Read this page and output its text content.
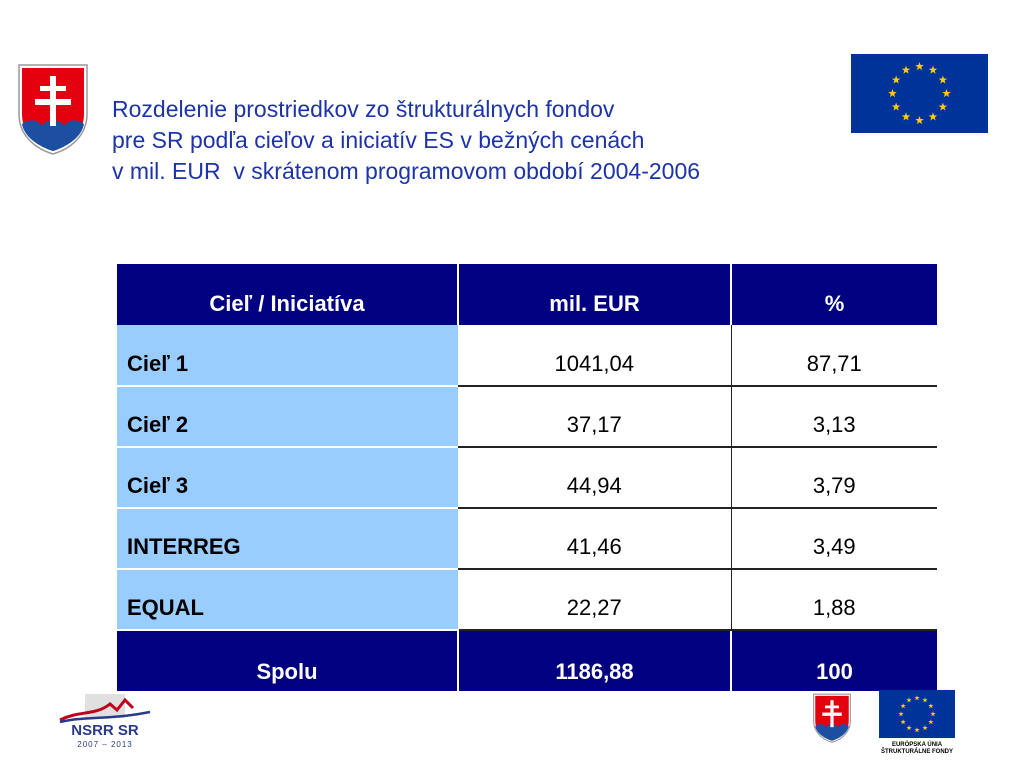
Rozdelenie prostriedkov zo štrukturálnych fondov
pre SR podľa cieľov a iniciatív ES v bežných cenách
v mil. EUR  v skrátenom programovom období 2004-2006
Cieľ / Iniciatíva	mil. EUR	%
Cieľ 1	1041,04	87,71
Cieľ 2	37,17	3,13
Cieľ 3	44,94	3,79
INTERREG	41,46	3,49
EQUAL	22,27	1,88
Spolu	1186,88	100
NSRR SR
2007 – 2013	EURÓPSKA ÚNIA
ŠTRUKTURÁLNE FONDY
